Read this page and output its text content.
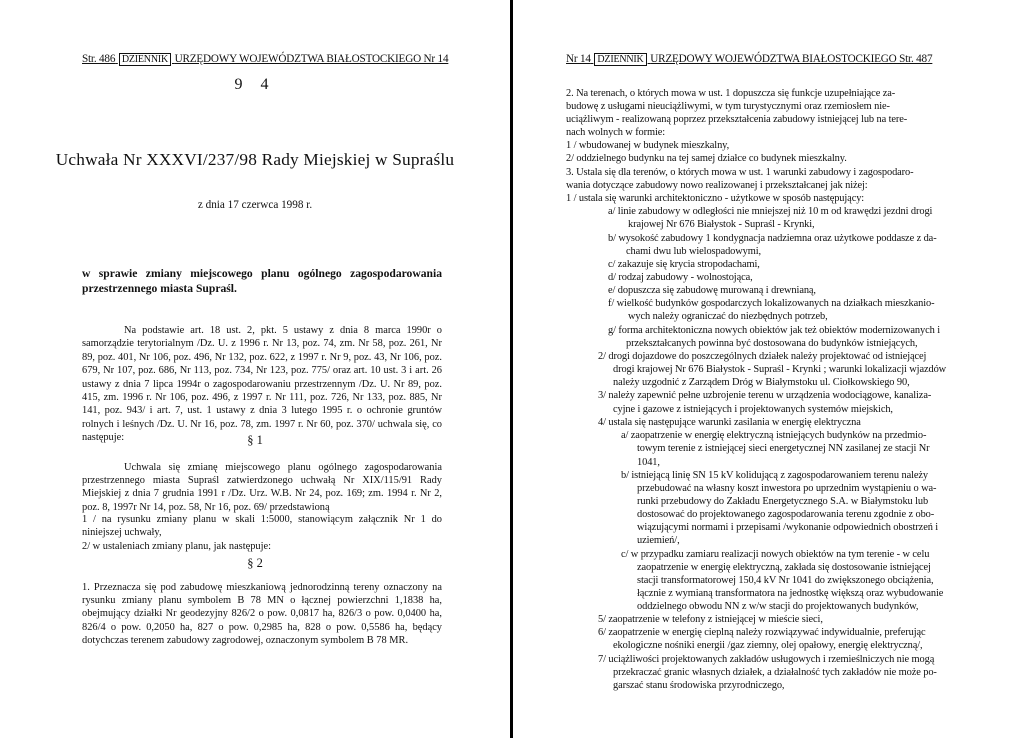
Str. 486 DZIENNIK URZĘDOWY WOJEWÓDZTWA BIAŁOSTOCKIEGO Nr 14
9 4
Uchwała Nr XXXVI/237/98 Rady Miejskiej w Supraślu
z dnia 17 czerwca 1998 r.
w sprawie zmiany miejscowego planu ogólnego zagospodarowania przestrzennego miasta Supraśl.

Na podstawie art. 18 ust. 2, pkt. 5 ustawy z dnia 8 marca 1990r o samorządzie terytorialnym /Dz. U. z 1996 r. Nr 13, poz. 74, zm. Nr 58, poz. 261, Nr 89, poz. 401, Nr 106, poz. 496, Nr 132, poz. 622, z 1997 r. Nr 9, poz. 43, Nr 106, poz. 679, Nr 107, poz. 686, Nr 113, poz. 734, Nr 123, poz. 775/ oraz art. 10 ust. 3 i art. 26 ustawy z dnia 7 lipca 1994r o zagospodarowaniu przestrzennym /Dz. U. Nr 89, poz. 415, zm. 1996 r. Nr 106, poz. 496, z 1997 r. Nr 111, poz. 726, Nr 133, poz. 885, Nr 141, poz. 943/ i art. 7, ust. 1 ustawy z dnia 3 lutego 1995 r. o ochronie gruntów rolnych i leśnych /Dz. U. Nr 16, poz. 78, zm. 1997 r. Nr 60, poz. 370/ uchwala się, co następuje:	§ 1

Uchwala się zmianę miejscowego planu ogólnego zagospodarowania przestrzennego miasta Supraśl zatwierdzonego uchwałą Nr XIX/115/91 Rady Miejskiej z dnia 7 grudnia 1991 r /Dz. Urz. W.B. Nr 24, poz. 169; zm. 1994 r. Nr 2, poz. 8, 1997r Nr 14, poz. 58, Nr 16, poz. 69/ przedstawioną

1 / na rysunku zmiany planu w skali 1:5000, stanowiącym załącznik Nr 1 do niniejszej uchwały,

2/ w ustaleniach zmiany planu, jak następuje:

§ 2

1. Przeznacza się pod zabudowę mieszkaniową jednorodzinną tereny oznaczony na rysunku zmiany planu symbolem B 78 MN o łącznej powierzchni 1,1838 ha, obejmujący działki Nr geodezyjny 826/2 o pow. 0,0817 ha, 826/3 o pow. 0,0400 ha, 826/4 o pow. 0,2050 ha, 827 o pow. 0,2985 ha, 828 o pow. 0,5586 ha, będący dotychczas terenem zabudowy zagrodowej, oznaczonym symbolem B 78 MR.

Nr 14 DZIENNIK URZĘDOWY WOJEWÓDZTWA BIAŁOSTOCKIEGO Str. 487
2. Na terenach, o których mowa w ust. 1 dopuszcza się funkcje uzupełniające za-
budowę z usługami nieuciążliwymi, w tym turystycznymi oraz rzemiosłem nie-
uciążliwym - realizowaną poprzez przekształcenia zabudowy istniejącej lub na tere-
nach wolnych w formie:
1 / wbudowanej w budynek mieszkalny,
2/ oddzielnego budynku na tej samej działce co budynek mieszkalny.
3. Ustala się dla terenów, o których mowa w ust. 1 warunki zabudowy i zagospodaro-
wania dotyczące zabudowy nowo realizowanej i przekształcanej jak niżej:
1 / ustala się warunki architektoniczno - użytkowe w sposób następujący:
a/ linie zabudowy w odległości nie mniejszej niż 10 m od krawędzi jezdni drogi
krajowej Nr 676 Białystok - Supraśl - Krynki,
b/ wysokość zabudowy 1 kondygnacja nadziemna oraz użytkowe poddasze z da-
chami dwu lub wielospadowymi,
c/ zakazuje się krycia stropodachami,
d/ rodzaj zabudowy - wolnostojąca,
e/ dopuszcza się zabudowę murowaną i drewnianą,
f/ wielkość budynków gospodarczych lokalizowanych na działkach mieszkanio-
wych należy ograniczać do niezbędnych potrzeb,
g/ forma architektoniczna nowych obiektów jak też obiektów modernizowanych i
przekształcanych powinna być dostosowana do budynków istniejących,
2/ drogi dojazdowe do poszczególnych działek należy projektować od istniejącej
drogi krajowej Nr 676 Białystok - Supraśl - Krynki ; warunki lokalizacji wjazdów
należy uzgodnić z Zarządem Dróg w Białymstoku ul. Ciołkowskiego 90,
3/ należy zapewnić pełne uzbrojenie terenu w urządzenia wodociągowe, kanaliza-
cyjne i gazowe z istniejących i projektowanych systemów miejskich,
4/ ustala się następujące warunki zasilania w energię elektryczna
a/ zaopatrzenie w energię elektryczną istniejących budynków na przedmio-
towym terenie z istniejącej sieci energetycznej NN zasilanej ze stacji Nr
1041,
b/ istniejącą linię SN 15 kV kolidującą z zagospodarowaniem terenu należy
przebudować na własny koszt inwestora po uprzednim wystąpieniu o wa-
runki przebudowy do Zakładu Energetycznego S.A. w Białymstoku lub
dostosować do projektowanego zagospodarowania terenu zgodnie z obo-
wiązującymi normami i przepisami /wykonanie odpowiednich obostrzeń i
uziemień/,
c/ w przypadku zamiaru realizacji nowych obiektów na tym terenie - w celu
zaopatrzenie w energię elektryczną, zakłada się dostosowanie istniejącej
stacji transformatorowej 150,4 kV Nr 1041 do zwiększonego obciążenia,
łącznie z wymianą transformatora na jednostkę większą oraz wybudowanie
oddzielnego obwodu NN z w/w stacji do projektowanych budynków,
5/ zaopatrzenie w telefony z istniejącej w mieście sieci,
6/ zaopatrzenie w energię cieplną należy rozwiązywać indywidualnie, preferując
ekologiczne nośniki energii /gaz ziemny, olej opałowy, energię elektryczną/,
7/ uciążliwości projektowanych zakładów usługowych i rzemieślniczych nie mogą
przekraczać granic własnych działek, a działalność tych zakładów nie może po-
garszać stanu środowiska przyrodniczego,
